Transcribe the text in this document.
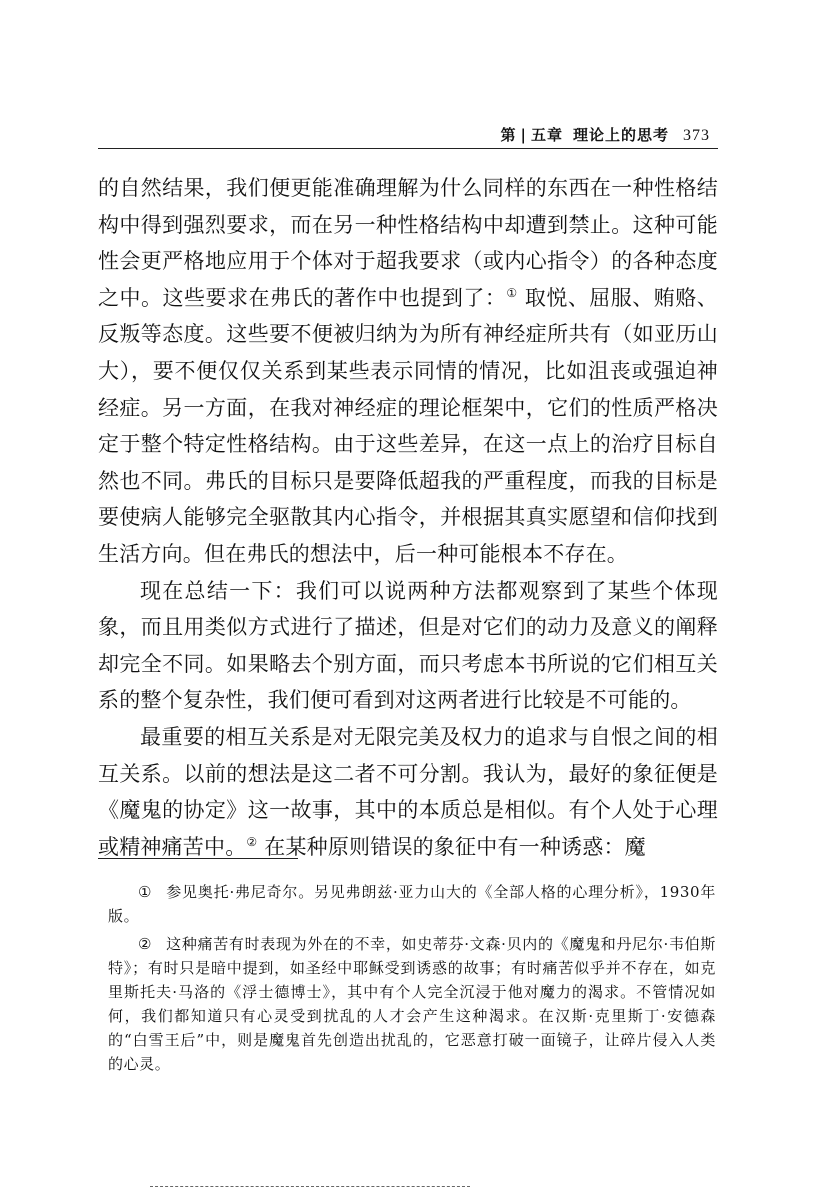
第 | 五章 理论上的思考 373

的自然结果，我们便更能准确理解为什么同样的东西在一种性格结构中得到强烈要求，而在另一种性格结构中却遭到禁止。这种可能性会更严格地应用于个体对于超我要求（或内心指令）的各种态度之中。这些要求在弗氏的著作中也提到了：① 取悦、屈服、贿赂、反叛等态度。这些要不便被归纳为为所有神经症所共有（如亚历山大），要不便仅仅关系到某些表示同情的情况，比如沮丧或强迫神经症。另一方面，在我对神经症的理论框架中，它们的性质严格决定于整个特定性格结构。由于这些差异，在这一点上的治疗目标自然也不同。弗氏的目标只是要降低超我的严重程度，而我的目标是要使病人能够完全驱散其内心指令，并根据其真实愿望和信仰找到生活方向。但在弗氏的想法中，后一种可能根本不存在。

现在总结一下：我们可以说两种方法都观察到了某些个体现象，而且用类似方式进行了描述，但是对它们的动力及意义的阐释却完全不同。如果略去个别方面，而只考虑本书所说的它们相互关系的整个复杂性，我们便可看到对这两者进行比较是不可能的。

最重要的相互关系是对无限完美及权力的追求与自恨之间的相互关系。以前的想法是这二者不可分割。我认为，最好的象征便是《魔鬼的协定》这一故事，其中的本质总是相似。有个人处于心理或精神痛苦中。② 在某种原则错误的象征中有一种诱惑：魔

① 参见奥托·弗尼奇尔。另见弗朗兹·亚力山大的《全部人格的心理分析》，1930年版。

② 这种痛苦有时表现为外在的不幸，如史蒂芬·文森·贝内的《魔鬼和丹尼尔·韦伯斯特》；有时只是暗中提到，如圣经中耶稣受到诱惑的故事；有时痛苦似乎并不存在，如克里斯托夫·马洛的《浮士德博士》，其中有个人完全沉浸于他对魔力的渴求。不管情况如何，我们都知道只有心灵受到扰乱的人才会产生这种渴求。在汉斯·克里斯丁·安德森的“白雪王后”中，则是魔鬼首先创造出扰乱的，它恶意打破一面镜子，让碎片侵入人类的心灵。
